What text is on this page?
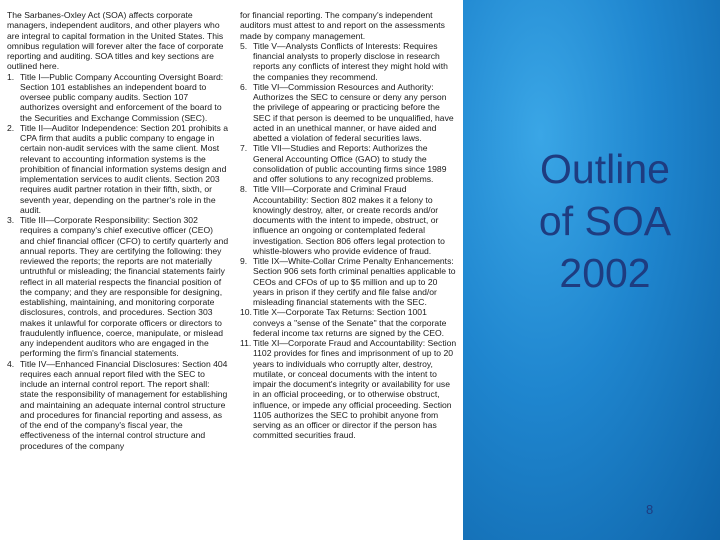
The Sarbanes-Oxley Act (SOA) affects corporate managers, independent auditors, and other players who are integral to capital formation in the United States. This omnibus regulation will forever alter the face of corporate reporting and auditing. SOA titles and key sections are outlined here.

1. Title I—Public Company Accounting Oversight Board: Section 101 establishes an independent board to oversee public company audits. Section 107 authorizes oversight and enforcement of the board to the Securities and Exchange Commission (SEC).
2. Title II—Auditor Independence: Section 201 prohibits a CPA firm that audits a public company to engage in certain non-audit services with the same client. Most relevant to accounting information systems is the prohibition of financial information systems design and implementation services to audit clients. Section 203 requires audit partner rotation in their fifth, sixth, or seventh year, depending on the partner's role in the audit.
3. Title III—Corporate Responsibility: Section 302 requires a company's chief executive officer (CEO) and chief financial officer (CFO) to certify quarterly and annual reports. They are certifying the following: they reviewed the reports; the reports are not materially untruthful or misleading; the financial statements fairly reflect in all material respects the financial position of the company; and they are responsible for designing, establishing, maintaining, and monitoring corporate disclosures, controls, and procedures. Section 303 makes it unlawful for corporate officers or directors to fraudulently influence, coerce, manipulate, or mislead any independent auditors who are engaged in the performing the firm's financial statements.
4. Title IV—Enhanced Financial Disclosures: Section 404 requires each annual report filed with the SEC to include an internal control report. The report shall: state the responsibility of management for establishing and maintaining an adequate internal control structure and procedures for financial reporting and assess, as of the end of the company's fiscal year, the effectiveness of the internal control structure and procedures of the company

for financial reporting. The company's independent auditors must attest to and report on the assessments made by company management.

5. Title V—Analysts Conflicts of Interests: Requires financial analysts to properly disclose in research reports any conflicts of interest they might hold with the companies they recommend.
6. Title VI—Commission Resources and Authority: Authorizes the SEC to censure or deny any person the privilege of appearing or practicing before the SEC if that person is deemed to be unqualified, have acted in an unethical manner, or have aided and abetted a violation of federal securities laws.
7. Title VII—Studies and Reports: Authorizes the General Accounting Office (GAO) to study the consolidation of public accounting firms since 1989 and offer solutions to any recognized problems.
8. Title VIII—Corporate and Criminal Fraud Accountability: Section 802 makes it a felony to knowingly destroy, alter, or create records and/or documents with the intent to impede, obstruct, or influence an ongoing or contemplated federal investigation. Section 806 offers legal protection to whistle-blowers who provide evidence of fraud.
9. Title IX—White-Collar Crime Penalty Enhancements: Section 906 sets forth criminal penalties applicable to CEOs and CFOs of up to $5 million and up to 20 years in prison if they certify and file false and/or misleading financial statements with the SEC.
10. Title X—Corporate Tax Returns: Section 1001 conveys a "sense of the Senate" that the corporate federal income tax returns are signed by the CEO.
11. Title XI—Corporate Fraud and Accountability: Section 1102 provides for fines and imprisonment of up to 20 years to individuals who corruptly alter, destroy, mutilate, or conceal documents with the intent to impair the document's integrity or availability for use in an official proceeding, or to otherwise obstruct, influence, or impede any official proceeding. Section 1105 authorizes the SEC to prohibit anyone from serving as an officer or director if the person has committed securities fraud.
Outline
of SOA
2002
8
